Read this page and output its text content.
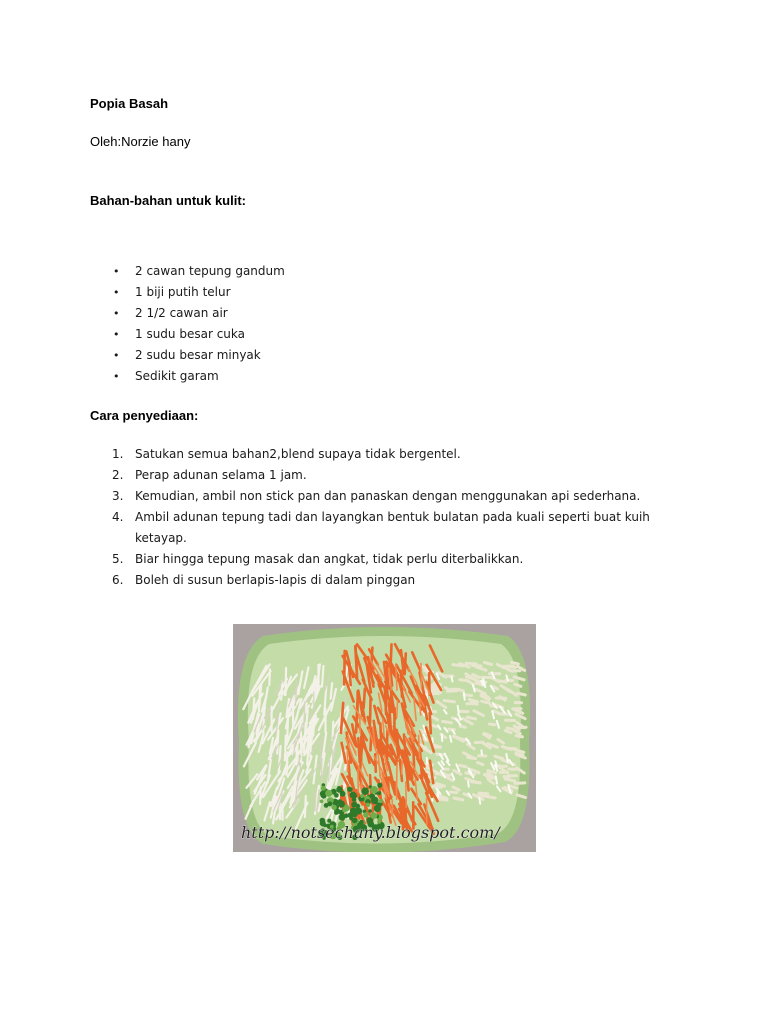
Popia Basah

Oleh:Norzie hany

Bahan-bahan untuk kulit:
• 2 cawan tepung gandum
• 1 biji putih telur
• 2 1/2 cawan air
• 1 sudu besar cuka
• 2 sudu besar minyak
• Sedikit garam
Cara penyediaan:
1. Satukan semua bahan2,blend supaya tidak bergentel.
2. Perap adunan selama 1 jam.
3. Kemudian, ambil non stick pan dan panaskan dengan menggunakan api sederhana.
4. Ambil adunan tepung tadi dan layangkan bentuk bulatan pada kuali seperti buat kuih ketayap.
5. Biar hingga tepung masak dan angkat, tidak perlu diterbalikkan.
6. Boleh di susun berlapis-lapis di dalam pinggan
http://notsechany.blogspot.com/
